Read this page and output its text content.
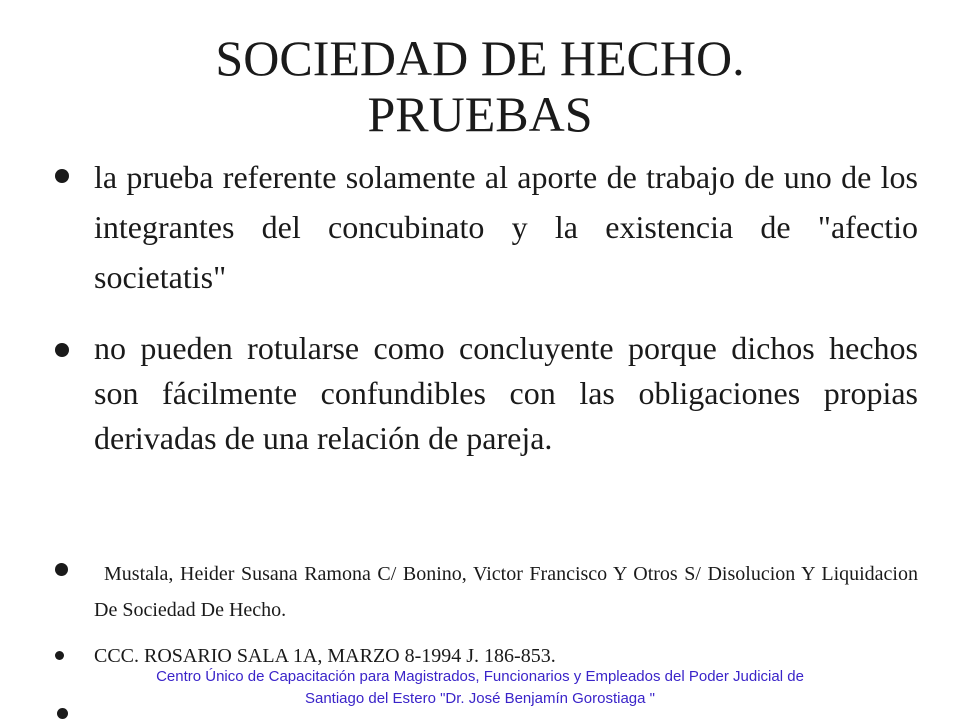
SOCIEDAD DE HECHO.
PRUEBAS
la prueba referente solamente al aporte de trabajo de uno de los integrantes del concubinato y la existencia de "afectio societatis"
no pueden rotularse como concluyente porque dichos hechos son fácilmente confundibles con las obligaciones propias derivadas de una relación de pareja.
Mustala, Heider Susana Ramona C/ Bonino, Victor Francisco Y Otros S/ Disolucion Y Liquidacion De Sociedad De Hecho.
CCC. ROSARIO SALA 1A, MARZO 8-1994 J. 186-853.
Centro Único de Capacitación para Magistrados, Funcionarios y Empleados del Poder Judicial de
Santiago del Estero "Dr. José Benjamín Gorostiaga "
